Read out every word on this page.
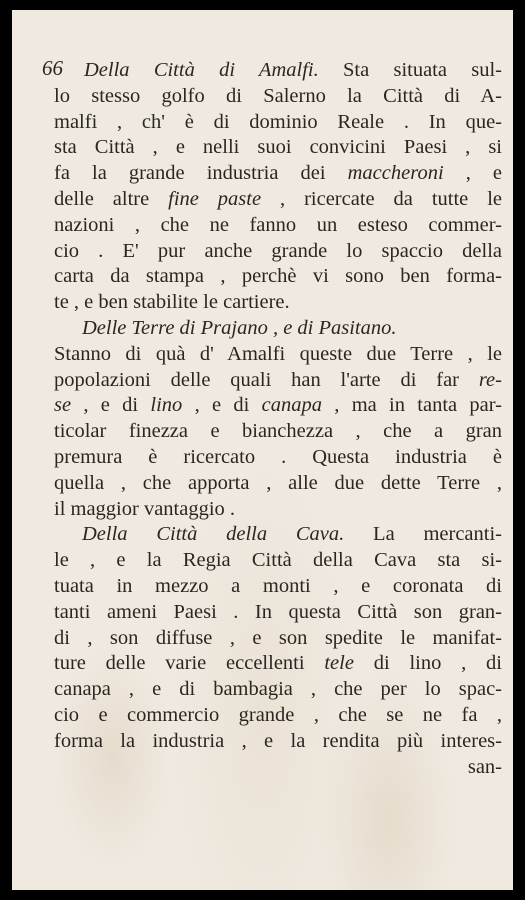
66	Della Città di Amalfi. Sta situata sul-
lo stesso golfo di Salerno la Città di A-
malfi , ch' è di dominio Reale . In que-
sta Città , e nelli suoi convicini Paesi , si
fa la grande industria dei maccheroni , e
delle altre fine paste , ricercate da tutte le
nazioni , che ne fanno un esteso commer-
cio . E' pur anche grande lo spaccio della
carta da stampa , perchè vi sono ben forma-
te , e ben stabilite le cartiere.
Delle Terre di Prajano , e di Pasitano.
Stanno di quà d' Amalfi queste due Terre , le
popolazioni delle quali han l'arte di far re-
se , e di lino , e di canapa , ma in tanta par-
ticolar finezza e bianchezza , che a gran
premura è ricercato . Questa industria è
quella , che apporta , alle due dette Terre ,
il maggior vantaggio .
Della Città della Cava. La mercanti-
le , e la Regia Città della Cava sta si-
tuata in mezzo a monti , e coronata di
tanti ameni Paesi . In questa Città son gran-
di , son diffuse , e son spedite le manifat-
ture delle varie eccellenti tele di lino , di
canapa , e di bambagia , che per lo spac-
cio e commercio grande , che se ne fa ,
forma la industria , e la rendita più interes-
san-
